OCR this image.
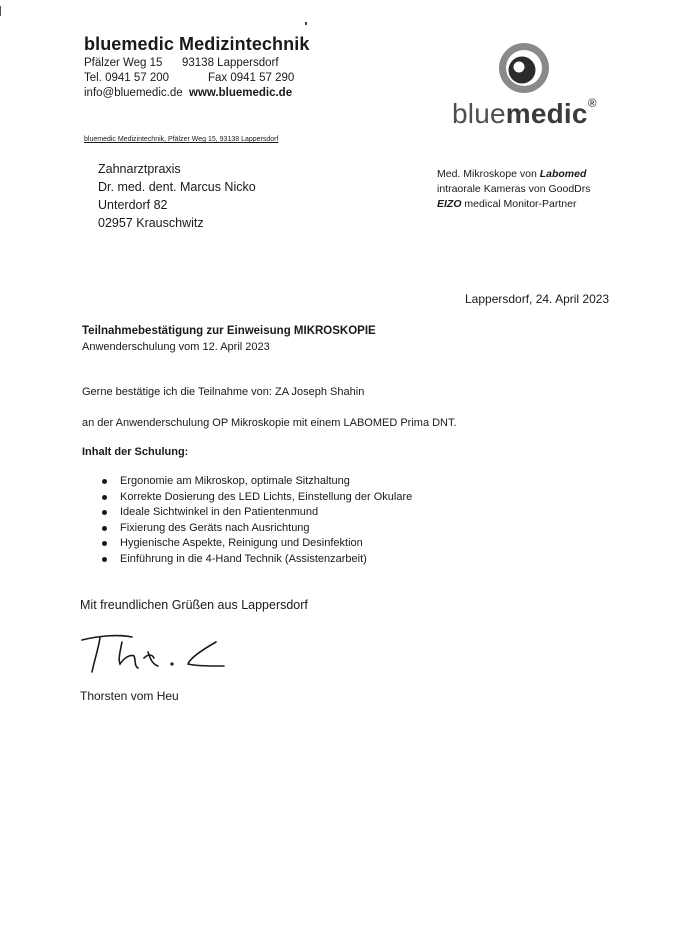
bluemedic Medizintechnik
Pfälzer Weg 15 93138 Lappersdorf
Tel. 0941 57 200	Fax 0941 57 290
info@bluemedic.de www.bluemedic.de
bluemedic®
bluemedic Medizintechnik, Pfälzer Weg 15, 93138 Lappersdorf
Zahnarztpraxis
Dr. med. dent. Marcus Nicko
Unterdorf 82
02957 Krauschwitz
Med. Mikroskope von Labomed
intraorale Kameras von GoodDrs
EIZO medical Monitor-Partner
Lappersdorf, 24. April 2023
Teilnahmebestätigung zur Einweisung MIKROSKOPIE
Anwenderschulung vom 12. April 2023
Gerne bestätige ich die Teilnahme von: ZA Joseph Shahin
an der Anwenderschulung OP Mikroskopie mit einem LABOMED Prima DNT.
Inhalt der Schulung:
Ergonomie am Mikroskop, optimale Sitzhaltung
Korrekte Dosierung des LED Lichts, Einstellung der Okulare
Ideale Sichtwinkel in den Patientenmund
Fixierung des Geräts nach Ausrichtung
Hygienische Aspekte, Reinigung und Desinfektion
Einführung in die 4-Hand Technik (Assistenzarbeit)
Mit freundlichen Grüßen aus Lappersdorf
Thorsten vom Heu
